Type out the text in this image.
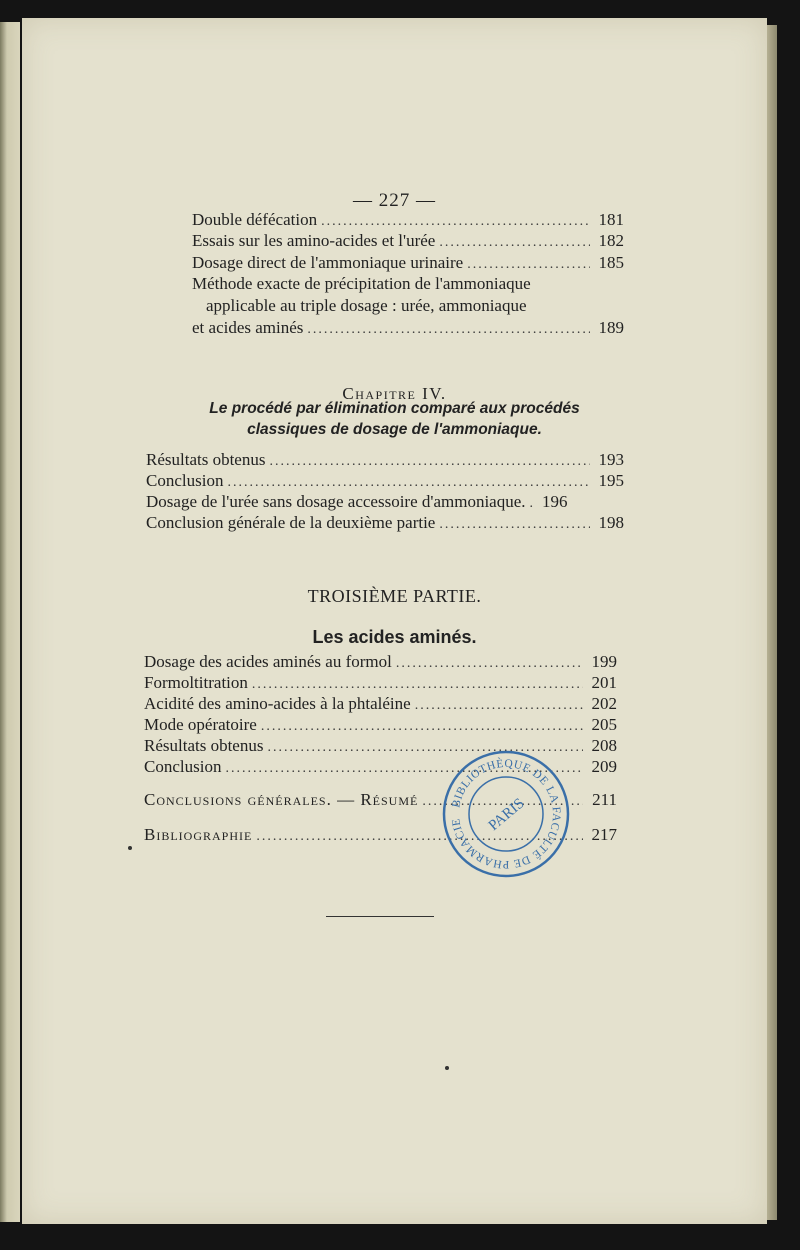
— 227 —
Double défécation .....	181
Essais sur les amino-acides et l'urée .....	182
Dosage direct de l'ammoniaque urinaire .....	185
Méthode exacte de précipitation de l'ammoniaque
applicable au triple dosage : urée, ammoniaque
et acides aminés .....	189
Chapitre IV.
Le procédé par élimination comparé aux procédés
classiques de dosage de l'ammoniaque.
Résultats obtenus .....	193
Conclusion .....	195
Dosage de l'urée sans dosage accessoire d'ammoniaque. ..... 196
Conclusion générale de la deuxième partie .....	198
TROISIÈME PARTIE.
Les acides aminés.
Dosage des acides aminés au formol .....	199
Formoltitration .....	201
Acidité des amino-acides à la phtaléine .....	202
Mode opératoire .....	205
Résultats obtenus .....	208
Conclusion .....	209
Conclusions générales. — Résumé .....	211
Bibliographie .....	217
BIBLIOTHÈQUE DE LA FACULTÉ DE PHARMACIE	PARIS
